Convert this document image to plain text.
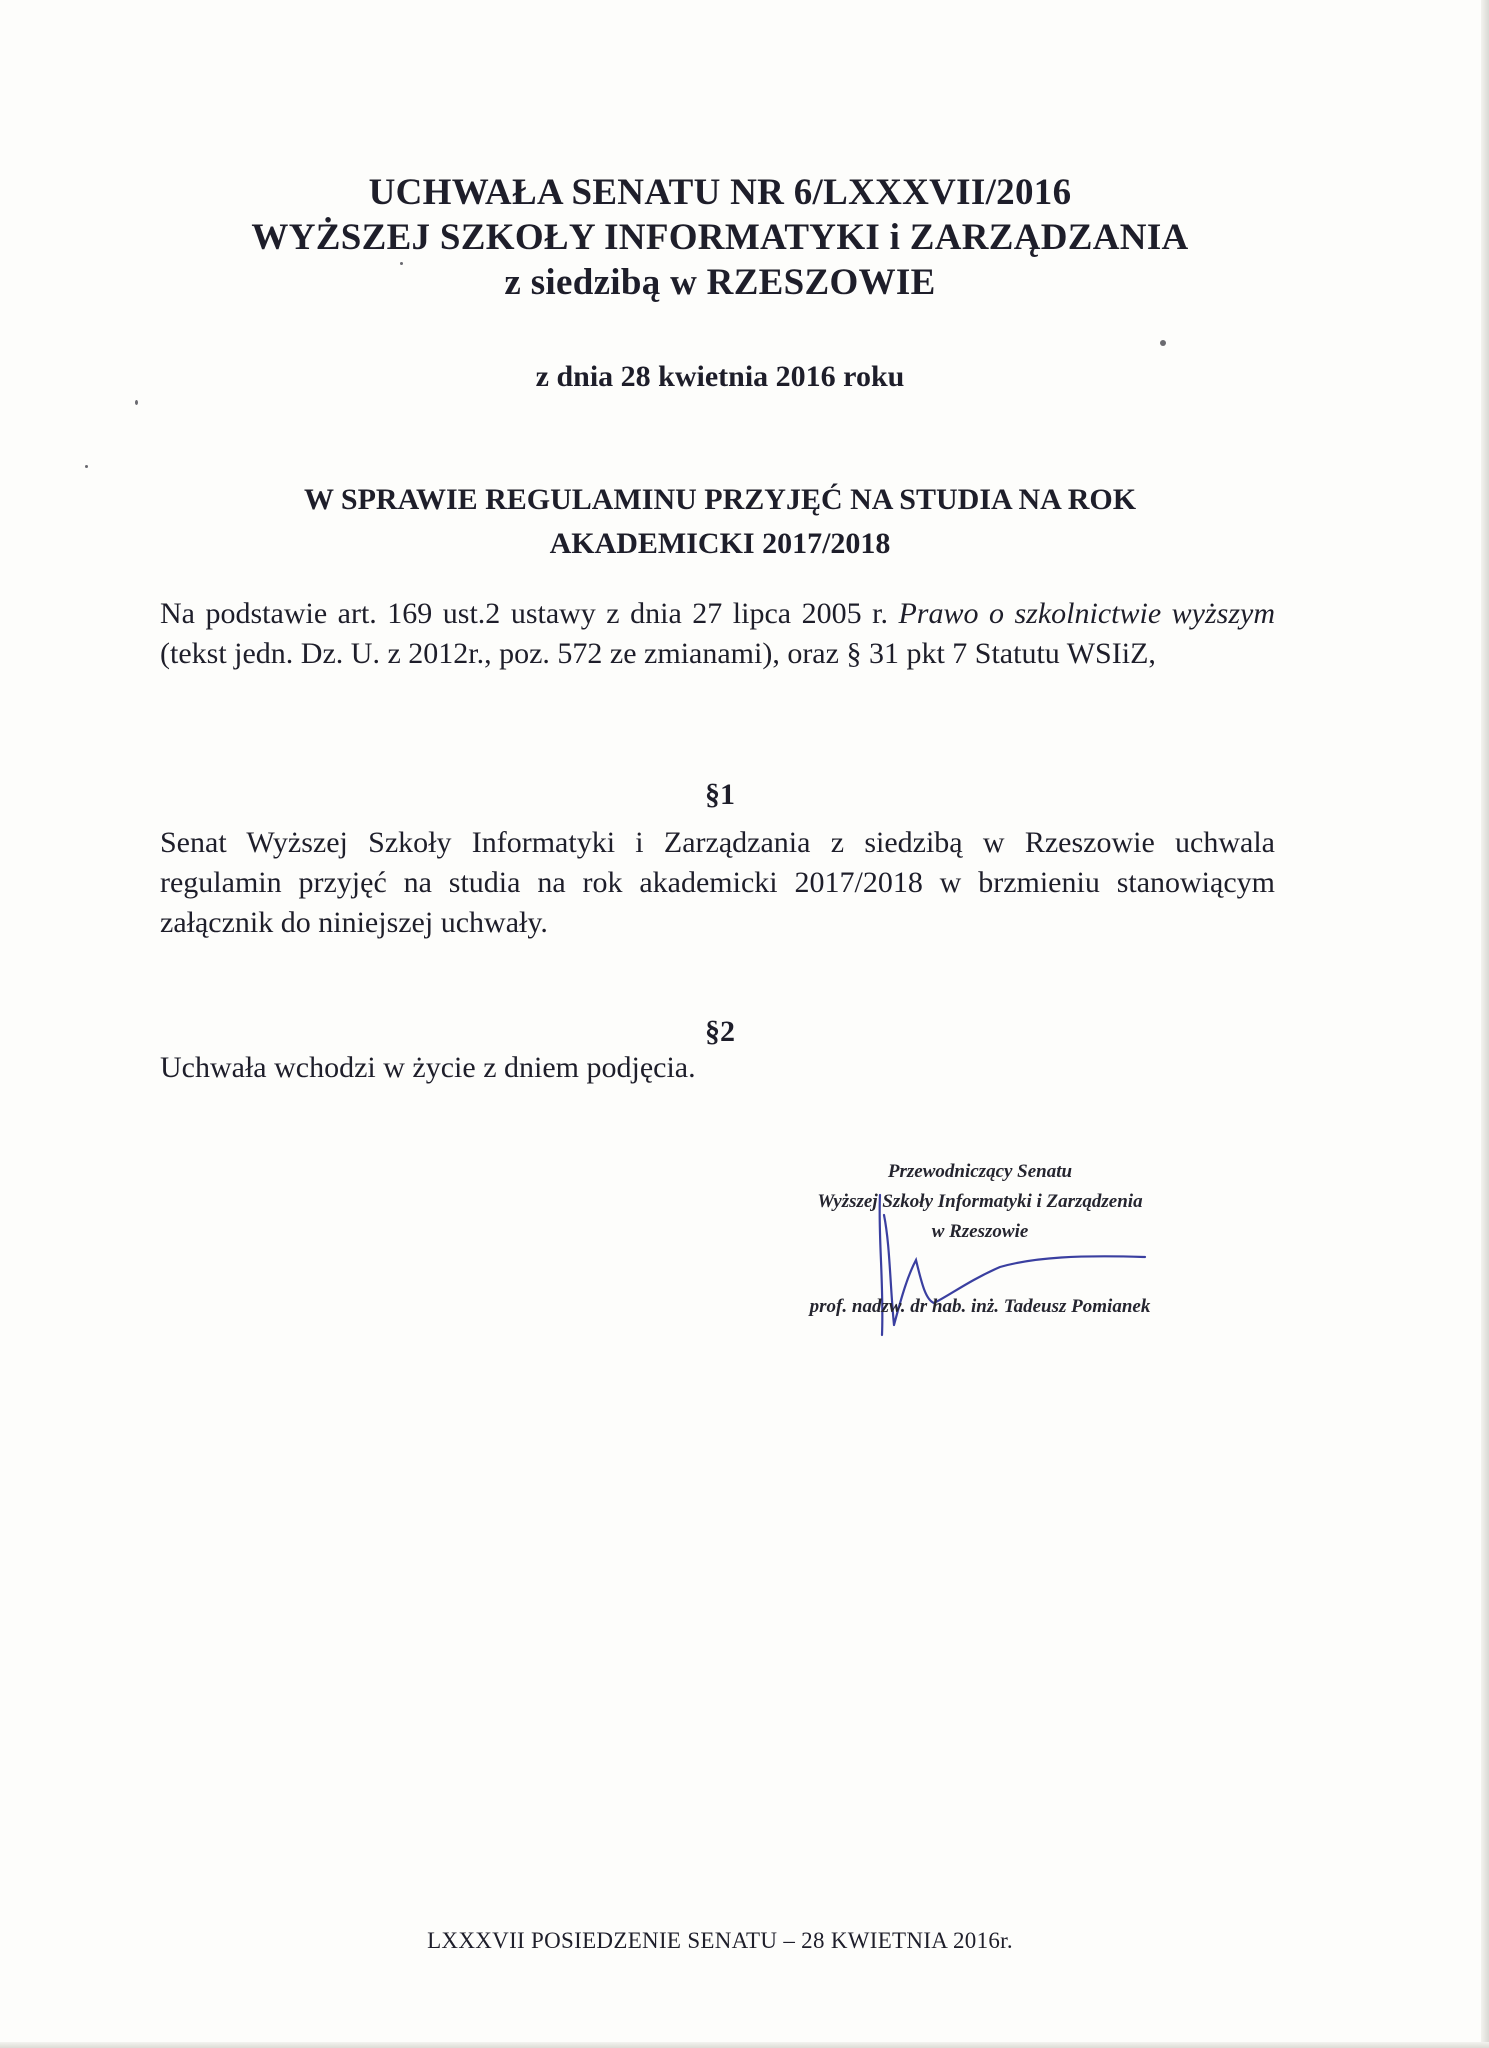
UCHWAŁA SENATU NR 6/LXXXVII/2016
WYŻSZEJ SZKOŁY INFORMATYKI i ZARZĄDZANIA
z siedzibą w RZESZOWIE
z dnia 28 kwietnia 2016 roku
W SPRAWIE REGULAMINU PRZYJĘĆ NA STUDIA NA ROK
AKADEMICKI 2017/2018
Na podstawie art. 169 ust.2 ustawy z dnia 27 lipca 2005 r. Prawo o szkolnictwie wyższym (tekst jedn. Dz. U. z 2012r., poz. 572 ze zmianami), oraz § 31 pkt 7 Statutu WSIiZ,
§1
Senat Wyższej Szkoły Informatyki i Zarządzania z siedzibą w Rzeszowie uchwala regulamin przyjęć na studia na rok akademicki 2017/2018 w brzmieniu stanowiącym załącznik do niniejszej uchwały.
§2
Uchwała wchodzi w życie z dniem podjęcia.
Przewodniczący Senatu
Wyższej Szkoły Informatyki i Zarządzenia
w Rzeszowie
prof. nadzw. dr hab. inż. Tadeusz Pomianek
LXXXVII POSIEDZENIE SENATU – 28 KWIETNIA 2016r.
